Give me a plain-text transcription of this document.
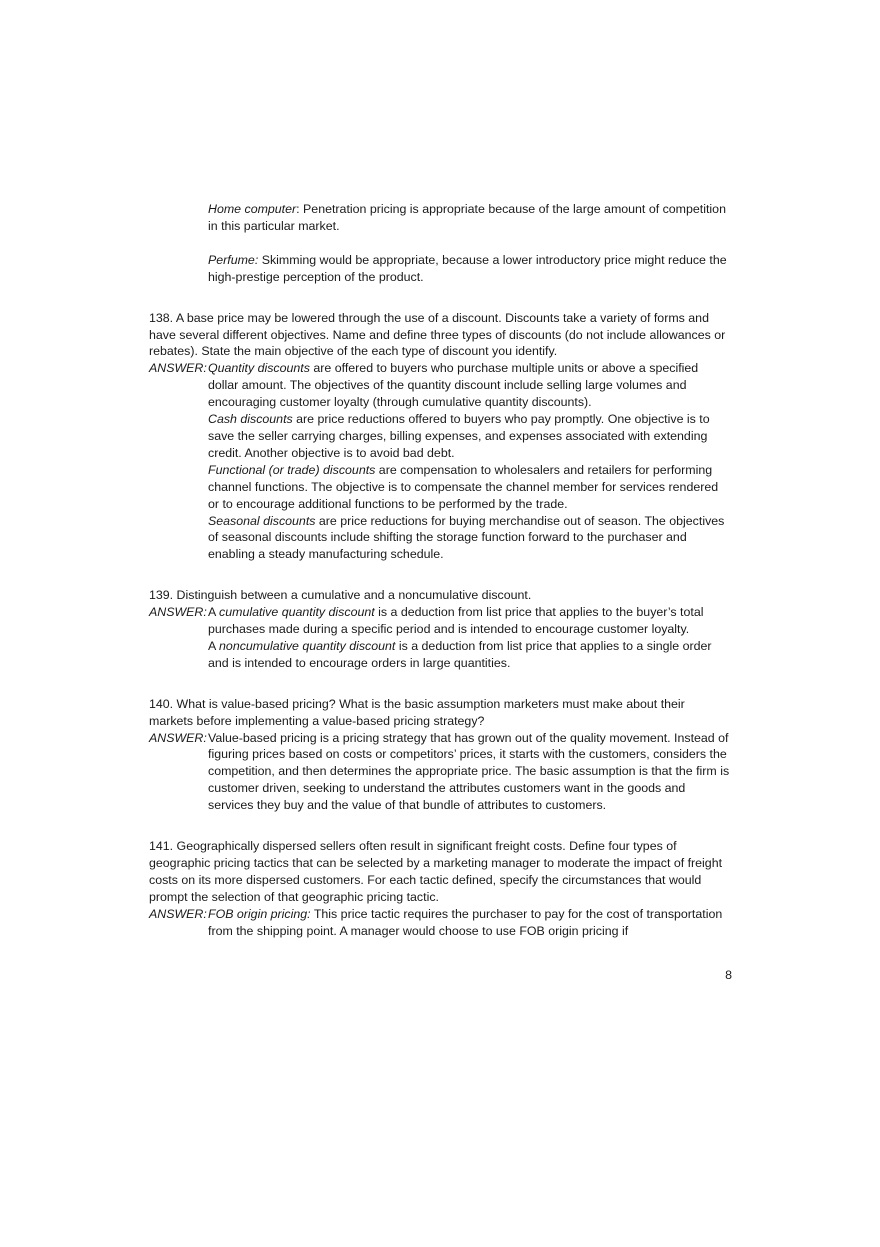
Home computer: Penetration pricing is appropriate because of the large amount of competition in this particular market.

Perfume: Skimming would be appropriate, because a lower introductory price might reduce the high-prestige perception of the product.

138. A base price may be lowered through the use of a discount. Discounts take a variety of forms and have several different objectives. Name and define three types of discounts (do not include allowances or rebates). State the main objective of the each type of discount you identify.

ANSWER: Quantity discounts are offered to buyers who purchase multiple units or above a specified dollar amount. The objectives of the quantity discount include selling large volumes and encouraging customer loyalty (through cumulative quantity discounts).

Cash discounts are price reductions offered to buyers who pay promptly. One objective is to save the seller carrying charges, billing expenses, and expenses associated with extending credit. Another objective is to avoid bad debt.

Functional (or trade) discounts are compensation to wholesalers and retailers for performing channel functions. The objective is to compensate the channel member for services rendered or to encourage additional functions to be performed by the trade.

Seasonal discounts are price reductions for buying merchandise out of season. The objectives of seasonal discounts include shifting the storage function forward to the purchaser and enabling a steady manufacturing schedule.

139. Distinguish between a cumulative and a noncumulative discount.

ANSWER: A cumulative quantity discount is a deduction from list price that applies to the buyer’s total purchases made during a specific period and is intended to encourage customer loyalty.

A noncumulative quantity discount is a deduction from list price that applies to a single order and is intended to encourage orders in large quantities.

140. What is value-based pricing? What is the basic assumption marketers must make about their markets before implementing a value-based pricing strategy?

ANSWER: Value-based pricing is a pricing strategy that has grown out of the quality movement. Instead of figuring prices based on costs or competitors’ prices, it starts with the customers, considers the competition, and then determines the appropriate price. The basic assumption is that the firm is customer driven, seeking to understand the attributes customers want in the goods and services they buy and the value of that bundle of attributes to customers.

141. Geographically dispersed sellers often result in significant freight costs. Define four types of geographic pricing tactics that can be selected by a marketing manager to moderate the impact of freight costs on its more dispersed customers. For each tactic defined, specify the circumstances that would prompt the selection of that geographic pricing tactic.

ANSWER: FOB origin pricing: This price tactic requires the purchaser to pay for the cost of transportation from the shipping point. A manager would choose to use FOB origin pricing if

8
